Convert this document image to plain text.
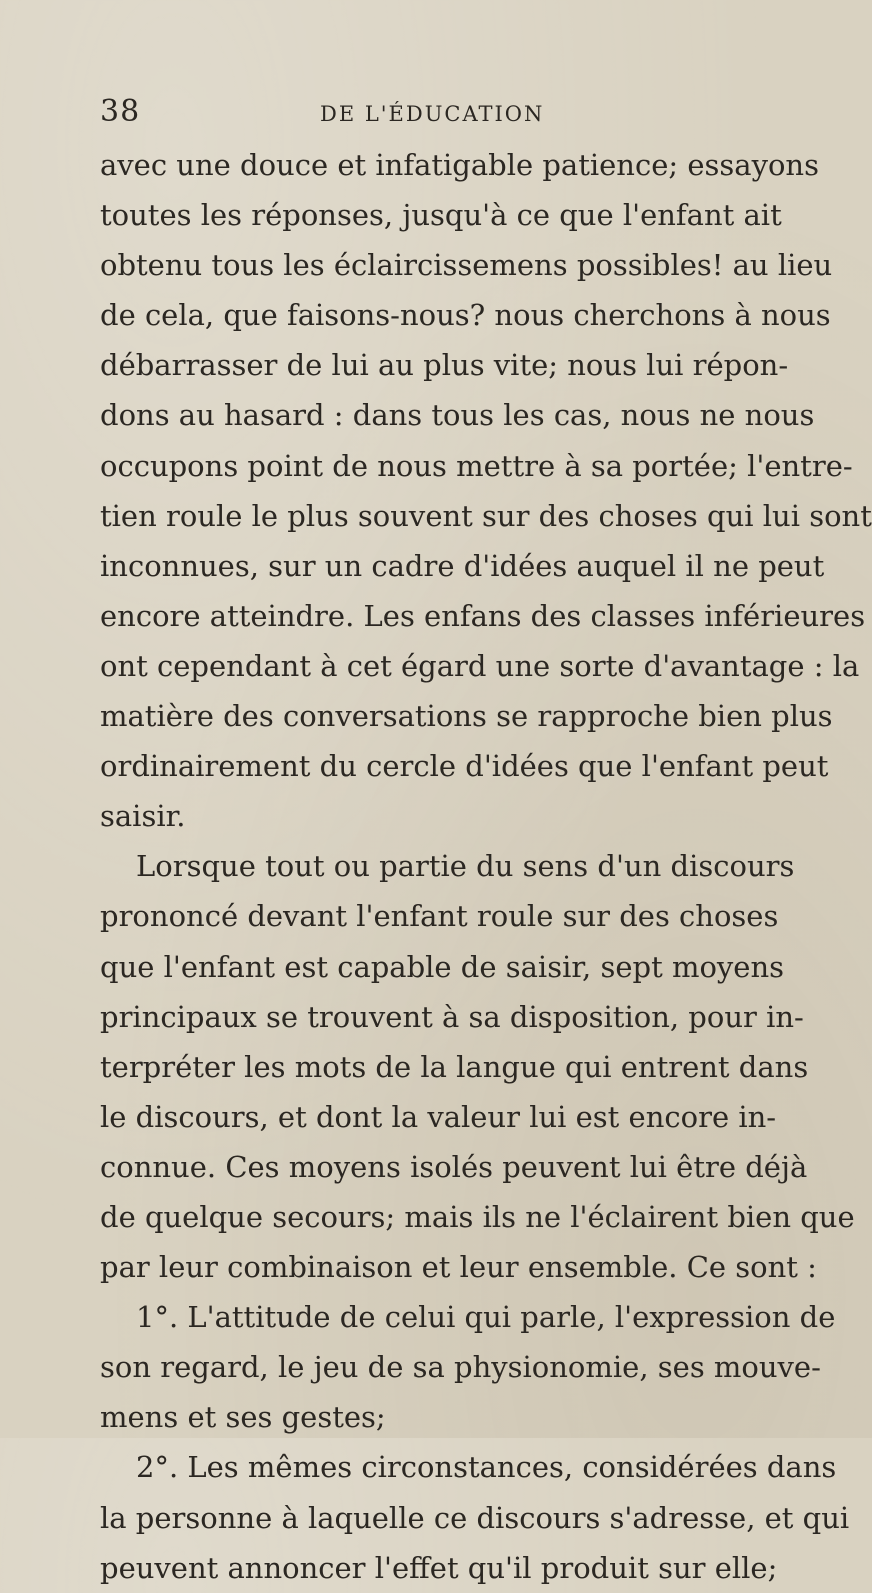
38	DE L'ÉDUCATION
avec une douce et infatigable patience; essayons
toutes les réponses, jusqu'à ce que l'enfant ait
obtenu tous les éclaircissemens possibles! au lieu
de cela, que faisons-nous? nous cherchons à nous
débarrasser de lui au plus vite; nous lui répon-
dons au hasard : dans tous les cas, nous ne nous
occupons point de nous mettre à sa portée; l'entre-
tien roule le plus souvent sur des choses qui lui sont
inconnues, sur un cadre d'idées auquel il ne peut
encore atteindre. Les enfans des classes inférieures
ont cependant à cet égard une sorte d'avantage : la
matière des conversations se rapproche bien plus
ordinairement du cercle d'idées que l'enfant peut
saisir.
Lorsque tout ou partie du sens d'un discours
prononcé devant l'enfant roule sur des choses
que l'enfant est capable de saisir, sept moyens
principaux se trouvent à sa disposition, pour in-
terpréter les mots de la langue qui entrent dans
le discours, et dont la valeur lui est encore in-
connue. Ces moyens isolés peuvent lui être déjà
de quelque secours; mais ils ne l'éclairent bien que
par leur combinaison et leur ensemble. Ce sont :
1°. L'attitude de celui qui parle, l'expression de
son regard, le jeu de sa physionomie, ses mouve-
mens et ses gestes;
2°. Les mêmes circonstances, considérées dans
la personne à laquelle ce discours s'adresse, et qui
peuvent annoncer l'effet qu'il produit sur elle;
